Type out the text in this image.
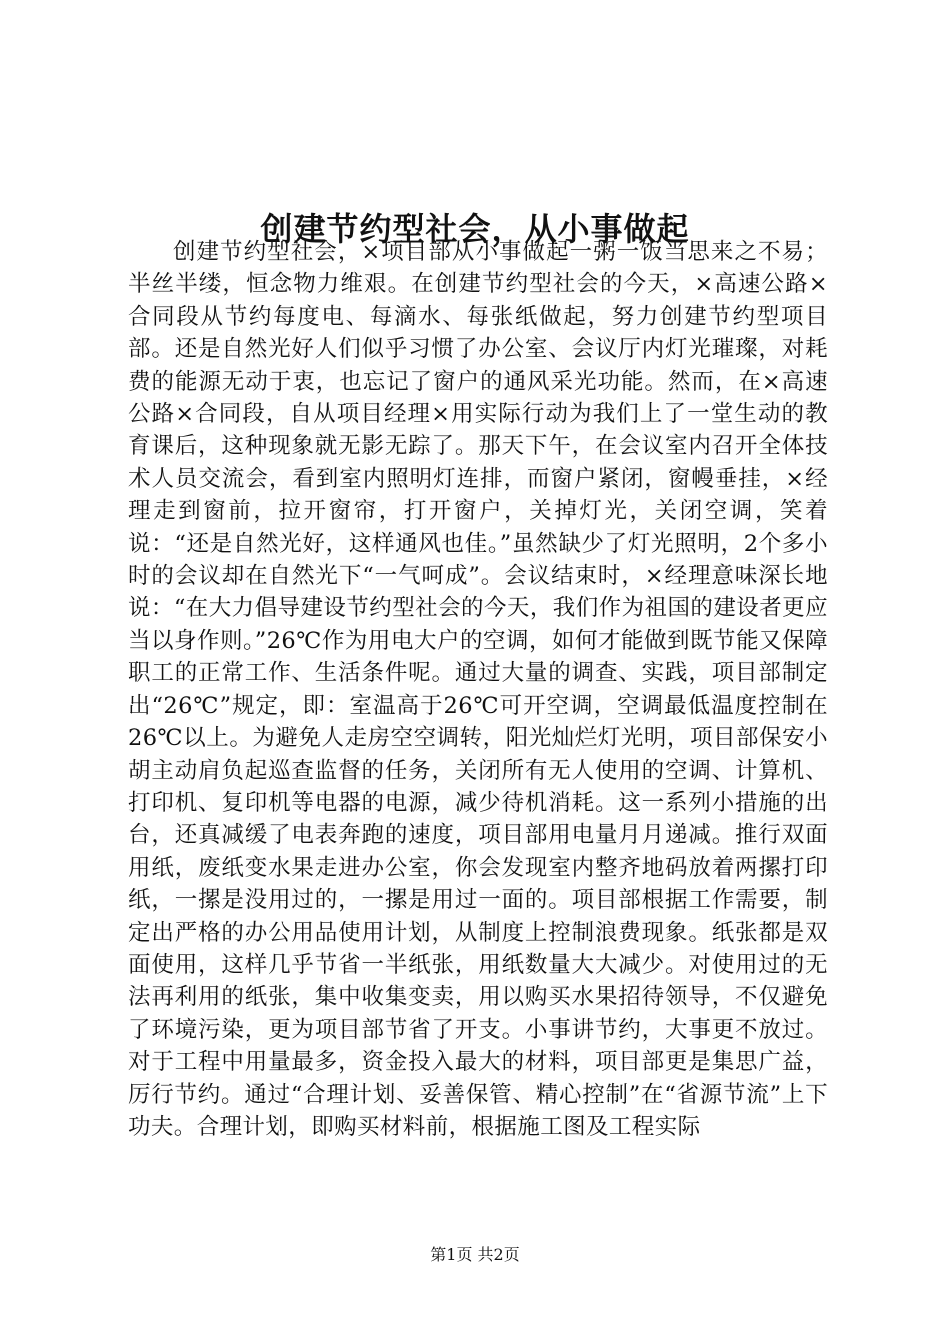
创建节约型社会，从小事做起

创建节约型社会，×项目部从小事做起一粥一饭当思来之不易；半丝半缕，恒念物力维艰。在创建节约型社会的今天，×高速公路×合同段从节约每度电、每滴水、每张纸做起，努力创建节约型项目部。还是自然光好人们似乎习惯了办公室、会议厅内灯光璀璨，对耗费的能源无动于衷，也忘记了窗户的通风采光功能。然而，在×高速公路×合同段，自从项目经理×用实际行动为我们上了一堂生动的教育课后，这种现象就无影无踪了。那天下午，在会议室内召开全体技术人员交流会，看到室内照明灯连排，而窗户紧闭，窗幔垂挂，×经理走到窗前，拉开窗帘，打开窗户，关掉灯光，关闭空调，笑着说：“还是自然光好，这样通风也佳。”虽然缺少了灯光照明，2个多小时的会议却在自然光下“一气呵成”。会议结束时，×经理意味深长地说：“在大力倡导建设节约型社会的今天，我们作为祖国的建设者更应当以身作则。”26℃作为用电大户的空调，如何才能做到既节能又保障职工的正常工作、生活条件呢。通过大量的调查、实践，项目部制定出“26℃”规定，即：室温高于26℃可开空调，空调最低温度控制在26℃以上。为避免人走房空空调转，阳光灿烂灯光明，项目部保安小胡主动肩负起巡查监督的任务，关闭所有无人使用的空调、计算机、打印机、复印机等电器的电源，减少待机消耗。这一系列小措施的出台，还真减缓了电表奔跑的速度，项目部用电量月月递减。推行双面用纸，废纸变水果走进办公室，你会发现室内整齐地码放着两摞打印纸，一摞是没用过的，一摞是用过一面的。项目部根据工作需要，制定出严格的办公用品使用计划，从制度上控制浪费现象。纸张都是双面使用，这样几乎节省一半纸张，用纸数量大大减少。对使用过的无法再利用的纸张，集中收集变卖，用以购买水果招待领导，不仅避免了环境污染，更为项目部节省了开支。小事讲节约，大事更不放过。对于工程中用量最多，资金投入最大的材料，项目部更是集思广益，厉行节约。通过“合理计划、妥善保管、精心控制”在“省源节流”上下功夫。合理计划，即购买材料前，根据施工图及工程实际

第1页 共2页
